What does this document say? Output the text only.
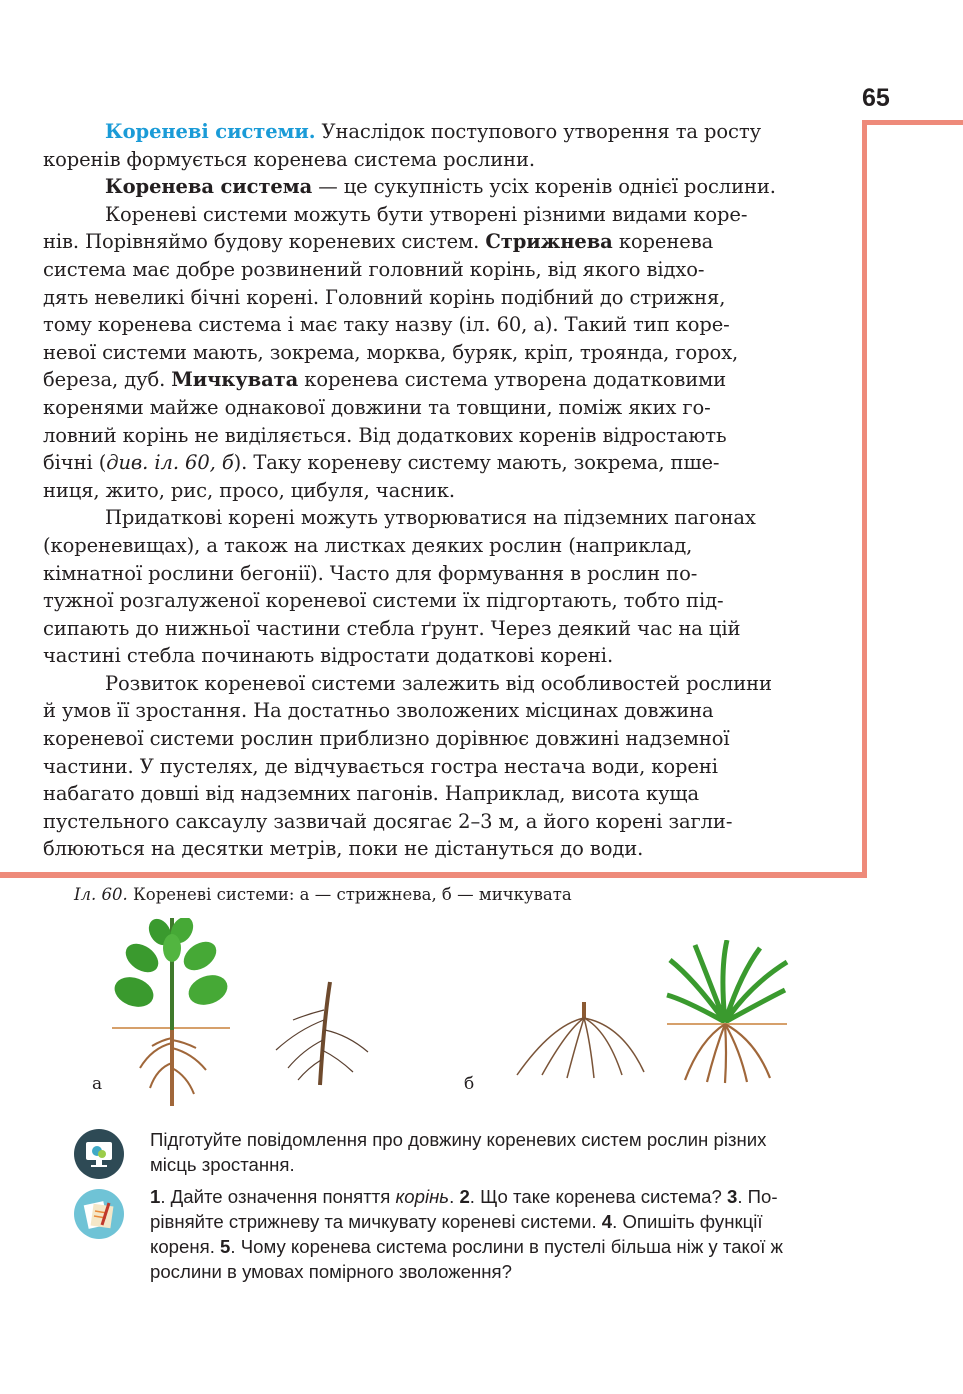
65

Кореневі системи. Унаслідок поступового утворення та росту
коренів формується коренева система рослини.

Коренева система — це сукупність усіх коренів однієї рослини.

Кореневі системи можуть бути утворені різними видами коре-
нів. Порівняймо будову кореневих систем. Стрижнева коренева
система має добре розвинений головний корінь, від якого відхо-
дять невеликі бічні корені. Головний корінь подібний до стрижня,
тому коренева система і має таку назву (іл. 60, а). Такий тип коре-
невої системи мають, зокрема, морква, буряк, кріп, троянда, горох,
береза, дуб. Мичкувата коренева система утворена додатковими
коренями майже однакової довжини та товщини, поміж яких го-
ловний корінь не виділяється. Від додаткових коренів відростають
бічні (див. іл. 60, б). Таку кореневу систему мають, зокрема, пше-
ниця, жито, рис, просо, цибуля, часник.

Придаткові корені можуть утворюватися на підземних пагонах
(кореневищах), а також на листках деяких рослин (наприклад,
кімнатної рослини бегонії). Часто для формування в рослин по-
тужної розгалуженої кореневої системи їх підгортають, тобто під-
сипають до нижньої частини стебла ґрунт. Через деякий час на цій
частині стебла починають відростати додаткові корені.

Розвиток кореневої системи залежить від особливостей рослини
й умов її зростання. На достатньо зволожених місцинах довжина
кореневої системи рослин приблизно дорівнює довжині надземної
частини. У пустелях, де відчувається гостра нестача води, корені
набагато довші від надземних пагонів. Наприклад, висота куща
пустельного саксаулу зазвичай досягає 2–3 м, а його корені загли-
блюються на десятки метрів, поки не дістануться до води.

Іл. 60. Кореневі системи: а — стрижнева, б — мичкувата
а	б
Підготуйте повідомлення про довжину кореневих систем рослин різних
місць зростання.
1. Дайте означення поняття корінь. 2. Що таке коренева система? 3. По-
рівняйте стрижневу та мичкувату кореневі системи. 4. Опишіть функції
кореня. 5. Чому коренева система рослини в пустелі більша ніж у такої ж
рослини в умовах помірного зволоження?
